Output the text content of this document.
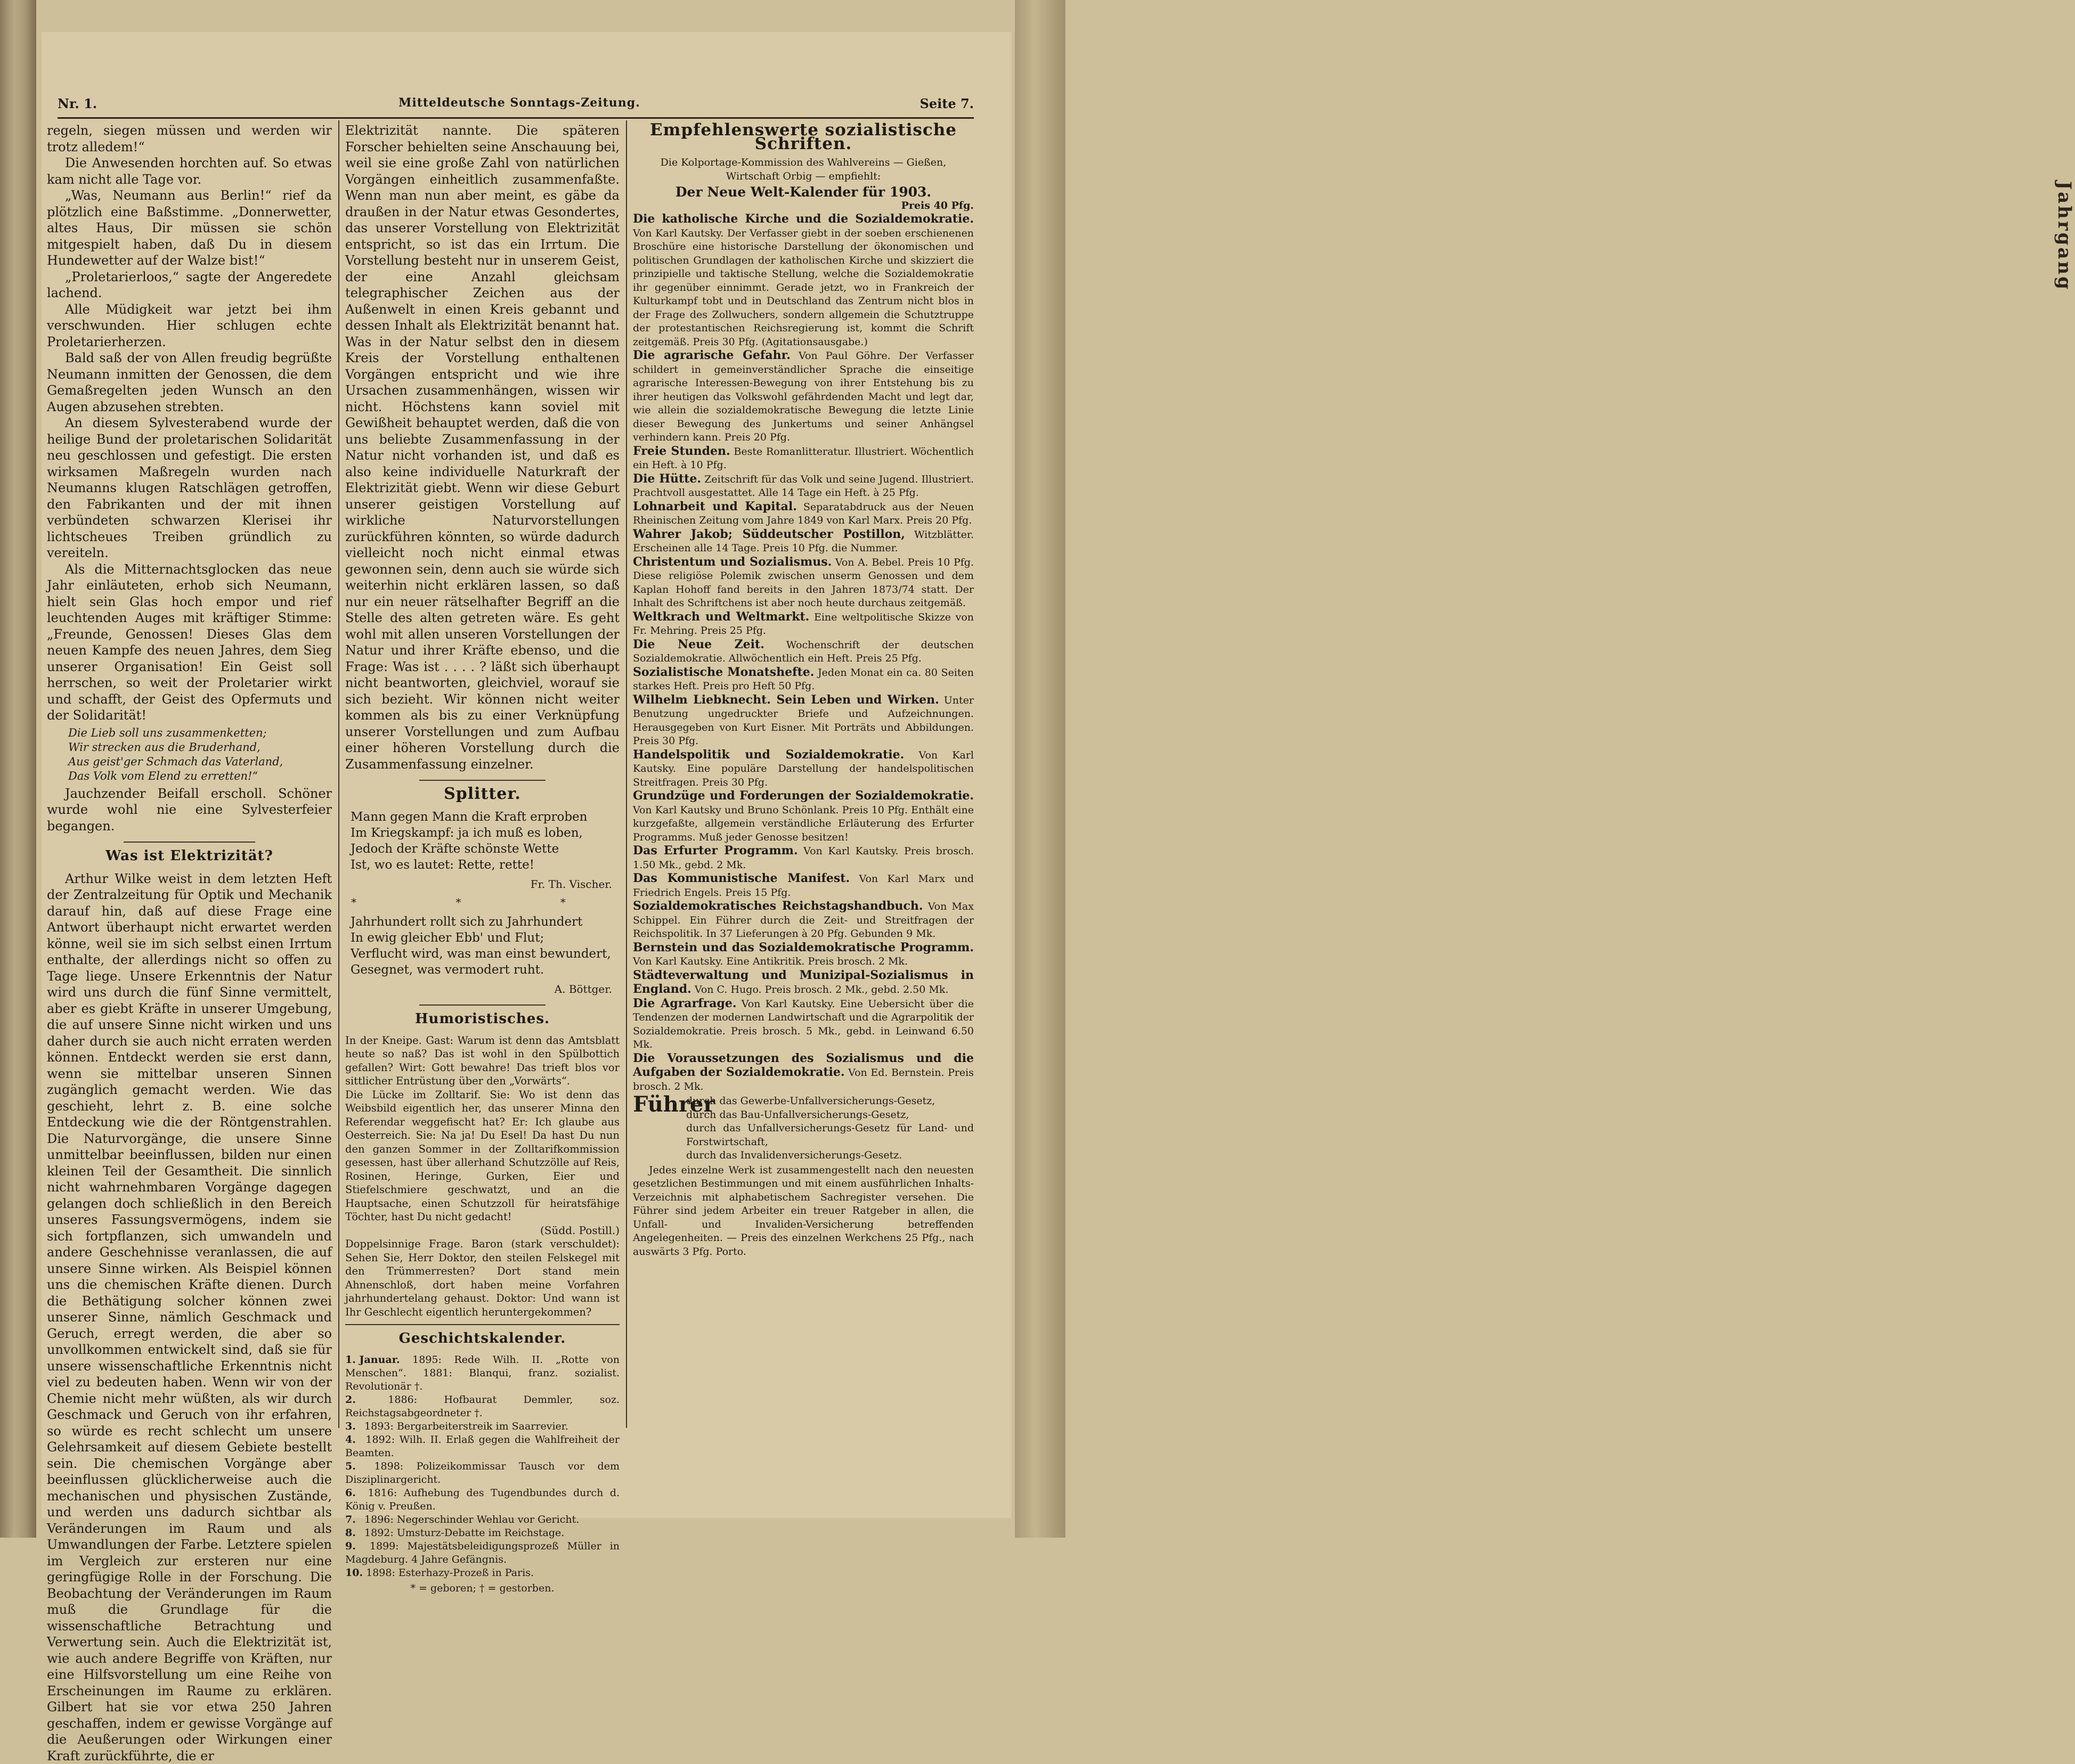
Jahrgang
Nr. 1.	Mitteldeutsche Sonntags-Zeitung.	Seite 7.

regeln, siegen müssen und werden wir trotz alledem!“

Die Anwesenden horchten auf. So etwas kam nicht alle Tage vor.

„Was, Neumann aus Berlin!“ rief da plötzlich eine Baßstimme. „Donnerwetter, altes Haus, Dir müssen sie schön mitgespielt haben, daß Du in diesem Hundewetter auf der Walze bist!“

„Proletarierloos,“ sagte der Angeredete lachend.

Alle Müdigkeit war jetzt bei ihm verschwunden. Hier schlugen echte Proletarierherzen.

Bald saß der von Allen freudig begrüßte Neumann inmitten der Genossen, die dem Gemaßregelten jeden Wunsch an den Augen abzusehen strebten.

An diesem Sylvesterabend wurde der heilige Bund der proletarischen Solidarität neu geschlossen und gefestigt. Die ersten wirksamen Maßregeln wurden nach Neumanns klugen Ratschlägen getroffen, den Fabrikanten und der mit ihnen verbündeten schwarzen Klerisei ihr lichtscheues Treiben gründlich zu vereiteln.

Als die Mitternachtsglocken das neue Jahr einläuteten, erhob sich Neumann, hielt sein Glas hoch empor und rief leuchtenden Auges mit kräftiger Stimme: „Freunde, Genossen! Dieses Glas dem neuen Kampfe des neuen Jahres, dem Sieg unserer Organisation! Ein Geist soll herrschen, so weit der Proletarier wirkt und schafft, der Geist des Opfermuts und der Solidarität!

Die Lieb soll uns zusammenketten;
Wir strecken aus die Bruderhand,
Aus geist'ger Schmach das Vaterland,
Das Volk vom Elend zu erretten!“

Jauchzender Beifall erscholl. Schöner wurde wohl nie eine Sylvesterfeier begangen.

Was ist Elektrizität?

Arthur Wilke weist in dem letzten Heft der Zentralzeitung für Optik und Mechanik darauf hin, daß auf diese Frage eine Antwort überhaupt nicht erwartet werden könne, weil sie im sich selbst einen Irrtum enthalte, der allerdings nicht so offen zu Tage liege. Unsere Erkenntnis der Natur wird uns durch die fünf Sinne vermittelt, aber es giebt Kräfte in unserer Umgebung, die auf unsere Sinne nicht wirken und uns daher durch sie auch nicht erraten werden können. Entdeckt werden sie erst dann, wenn sie mittelbar unseren Sinnen zugänglich gemacht werden. Wie das geschieht, lehrt z. B. eine solche Entdeckung wie die der Röntgenstrahlen. Die Naturvorgänge, die unsere Sinne unmittelbar beeinflussen, bilden nur einen kleinen Teil der Gesamtheit. Die sinnlich nicht wahrnehmbaren Vorgänge dagegen gelangen doch schließlich in den Bereich unseres Fassungsvermögens, indem sie sich fortpflanzen, sich umwandeln und andere Geschehnisse veranlassen, die auf unsere Sinne wirken. Als Beispiel können uns die chemischen Kräfte dienen. Durch die Bethätigung solcher können zwei unserer Sinne, nämlich Geschmack und Geruch, erregt werden, die aber so unvollkommen entwickelt sind, daß sie für unsere wissenschaftliche Erkenntnis nicht viel zu bedeuten haben. Wenn wir von der Chemie nicht mehr wüßten, als wir durch Geschmack und Geruch von ihr erfahren, so würde es recht schlecht um unsere Gelehrsamkeit auf diesem Gebiete bestellt sein. Die chemischen Vorgänge aber beeinflussen glücklicherweise auch die mechanischen und physischen Zustände, und werden uns dadurch sichtbar als Veränderungen im Raum und als Umwandlungen der Farbe. Letztere spielen im Vergleich zur ersteren nur eine geringfügige Rolle in der Forschung. Die Beobachtung der Veränderungen im Raum muß die Grundlage für die wissenschaftliche Betrachtung und Verwertung sein. Auch die Elektrizität ist, wie auch andere Begriffe von Kräften, nur eine Hilfsvorstellung um eine Reihe von Erscheinungen im Raume zu erklären. Gilbert hat sie vor etwa 250 Jahren geschaffen, indem er gewisse Vorgänge auf die Aeußerungen oder Wirkungen einer Kraft zurückführte, die er

Elektrizität nannte. Die späteren Forscher behielten seine Anschauung bei, weil sie eine große Zahl von natürlichen Vorgängen einheitlich zusammenfaßte. Wenn man nun aber meint, es gäbe da draußen in der Natur etwas Gesondertes, das unserer Vorstellung von Elektrizität entspricht, so ist das ein Irrtum. Die Vorstellung besteht nur in unserem Geist, der eine Anzahl gleichsam telegraphischer Zeichen aus der Außenwelt in einen Kreis gebannt und dessen Inhalt als Elektrizität benannt hat. Was in der Natur selbst den in diesem Kreis der Vorstellung enthaltenen Vorgängen entspricht und wie ihre Ursachen zusammenhängen, wissen wir nicht. Höchstens kann soviel mit Gewißheit behauptet werden, daß die von uns beliebte Zusammenfassung in der Natur nicht vorhanden ist, und daß es also keine individuelle Naturkraft der Elektrizität giebt. Wenn wir diese Geburt unserer geistigen Vorstellung auf wirkliche Naturvorstellungen zurückführen könnten, so würde dadurch vielleicht noch nicht einmal etwas gewonnen sein, denn auch sie würde sich weiterhin nicht erklären lassen, so daß nur ein neuer rätselhafter Begriff an die Stelle des alten getreten wäre. Es geht wohl mit allen unseren Vorstellungen der Natur und ihrer Kräfte ebenso, und die Frage: Was ist . . . . ? läßt sich überhaupt nicht beantworten, gleichviel, worauf sie sich bezieht. Wir können nicht weiter kommen als bis zu einer Verknüpfung unserer Vorstellungen und zum Aufbau einer höheren Vorstellung durch die Zusammenfassung einzelner.

Splitter.
Mann gegen Mann die Kraft erproben
Im Kriegskampf: ja ich muß es loben,
Jedoch der Kräfte schönste Wette
Ist, wo es lautet: Rette, rette!
Fr. Th. Vischer.
* * *
Jahrhundert rollt sich zu Jahrhundert
In ewig gleicher Ebb' und Flut;
Verflucht wird, was man einst bewundert,
Gesegnet, was vermodert ruht.
A. Böttger.
Humoristisches.

In der Kneipe. Gast: Warum ist denn das Amtsblatt heute so naß? Das ist wohl in den Spülbottich gefallen? Wirt: Gott bewahre! Das trieft blos vor sittlicher Entrüstung über den „Vorwärts“.

Die Lücke im Zolltarif. Sie: Wo ist denn das Weibsbild eigentlich her, das unserer Minna den Referendar weggefischt hat? Er: Ich glaube aus Oesterreich. Sie: Na ja! Du Esel! Da hast Du nun den ganzen Sommer in der Zolltarifkommission gesessen, hast über allerhand Schutzzölle auf Reis, Rosinen, Heringe, Gurken, Eier und Stiefelschmiere geschwatzt, und an die Hauptsache, einen Schutzzoll für heiratsfähige Töchter, hast Du nicht gedacht!

(Südd. Postill.)

Doppelsinnige Frage. Baron (stark verschuldet): Sehen Sie, Herr Doktor, den steilen Felskegel mit den Trümmerresten? Dort stand mein Ahnenschloß, dort haben meine Vorfahren jahrhundertelang gehaust. Doktor: Und wann ist Ihr Geschlecht eigentlich heruntergekommen?

Geschichtskalender.
1. Januar. 1895: Rede Wilh. II. „Rotte von Menschen“. 1881: Blanqui, franz. sozialist. Revolutionär †.
2.	1886: Hofbaurat Demmler, soz. Reichstagsabgeordneter †.
3. 1893: Bergarbeiterstreik im Saarrevier.
4. 1892: Wilh. II. Erlaß gegen die Wahlfreiheit der Beamten.
5. 1898: Polizeikommissar Tausch vor dem Disziplinargericht.
6. 1816: Aufhebung des Tugendbundes durch d. König v. Preußen.
7. 1896: Negerschinder Wehlau vor Gericht.
8. 1892: Umsturz-Debatte im Reichstage.
9. 1899: Majestätsbeleidigungsprozeß Müller in Magdeburg. 4 Jahre Gefängnis.
10. 1898: Esterhazy-Prozeß in Paris.
* = geboren; † = gestorben.
Empfehlenswerte sozialistische Schriften.

Die Kolportage-Kommission des Wahlvereins — Gießen, Wirtschaft Orbig — empfiehlt:

Der Neue Welt-Kalender für 1903.
Preis 40 Pfg.

Die katholische Kirche und die Sozialdemokratie. Von Karl Kautsky. Der Verfasser giebt in der soeben erschienenen Broschüre eine historische Darstellung der ökonomischen und politischen Grundlagen der katholischen Kirche und skizziert die prinzipielle und taktische Stellung, welche die Sozialdemokratie ihr gegenüber einnimmt. Gerade jetzt, wo in Frankreich der Kulturkampf tobt und in Deutschland das Zentrum nicht blos in der Frage des Zollwuchers, sondern allgemein die Schutztruppe der protestantischen Reichsregierung ist, kommt die Schrift zeitgemäß. Preis 30 Pfg. (Agitationsausgabe.)

Die agrarische Gefahr. Von Paul Göhre. Der Verfasser schildert in gemeinverständlicher Sprache die einseitige agrarische Interessen-Bewegung von ihrer Entstehung bis zu ihrer heutigen das Volkswohl gefährdenden Macht und legt dar, wie allein die sozialdemokratische Bewegung die letzte Linie dieser Bewegung des Junkertums und seiner Anhängsel verhindern kann. Preis 20 Pfg.

Freie Stunden. Beste Romanlitteratur. Illustriert. Wöchentlich ein Heft. à 10 Pfg.

Die Hütte. Zeitschrift für das Volk und seine Jugend. Illustriert. Prachtvoll ausgestattet. Alle 14 Tage ein Heft. à 25 Pfg.

Lohnarbeit und Kapital. Separatabdruck aus der Neuen Rheinischen Zeitung vom Jahre 1849 von Karl Marx. Preis 20 Pfg.

Wahrer Jakob; Süddeutscher Postillon, Witzblätter. Erscheinen alle 14 Tage. Preis 10 Pfg. die Nummer.

Christentum und Sozialismus. Von A. Bebel. Preis 10 Pfg. Diese religiöse Polemik zwischen unserm Genossen und dem Kaplan Hohoff fand bereits in den Jahren 1873/74 statt. Der Inhalt des Schriftchens ist aber noch heute durchaus zeitgemäß.

Weltkrach und Weltmarkt. Eine weltpolitische Skizze von Fr. Mehring. Preis 25 Pfg.

Die Neue Zeit. Wochenschrift der deutschen Sozialdemokratie. Allwöchentlich ein Heft. Preis 25 Pfg.

Sozialistische Monatshefte. Jeden Monat ein ca. 80 Seiten starkes Heft. Preis pro Heft 50 Pfg.

Wilhelm Liebknecht. Sein Leben und Wirken. Unter Benutzung ungedruckter Briefe und Aufzeichnungen. Herausgegeben von Kurt Eisner. Mit Porträts und Abbildungen. Preis 30 Pfg.

Handelspolitik und Sozialdemokratie. Von Karl Kautsky. Eine populäre Darstellung der handelspolitischen Streitfragen. Preis 30 Pfg.

Grundzüge und Forderungen der Sozialdemokratie. Von Karl Kautsky und Bruno Schönlank. Preis 10 Pfg. Enthält eine kurzgefaßte, allgemein verständliche Erläuterung des Erfurter Programms. Muß jeder Genosse besitzen!

Das Erfurter Programm. Von Karl Kautsky. Preis brosch. 1.50 Mk., gebd. 2 Mk.

Das Kommunistische Manifest. Von Karl Marx und Friedrich Engels. Preis 15 Pfg.

Sozialdemokratisches Reichstagshandbuch. Von Max Schippel. Ein Führer durch die Zeit- und Streitfragen der Reichspolitik. In 37 Lieferungen à 20 Pfg. Gebunden 9 Mk.

Bernstein und das Sozialdemokratische Programm. Von Karl Kautsky. Eine Antikritik. Preis brosch. 2 Mk.

Städteverwaltung und Munizipal-Sozialismus in England. Von C. Hugo. Preis brosch. 2 Mk., gebd. 2.50 Mk.

Die Agrarfrage. Von Karl Kautsky. Eine Uebersicht über die Tendenzen der modernen Landwirtschaft und die Agrarpolitik der Sozialdemokratie. Preis brosch. 5 Mk., gebd. in Leinwand 6.50 Mk.

Die Voraussetzungen des Sozialismus und die Aufgaben der Sozialdemokratie. Von Ed. Bernstein. Preis brosch. 2 Mk.

Führer
durch das Gewerbe-Unfallversicherungs-Gesetz,
durch das Bau-Unfallversicherungs-Gesetz,
durch das Unfallversicherungs-Gesetz für Land- und Forstwirtschaft,
durch das Invalidenversicherungs-Gesetz.

Jedes einzelne Werk ist zusammengestellt nach den neuesten gesetzlichen Bestimmungen und mit einem ausführlichen Inhalts-Verzeichnis mit alphabetischem Sachregister versehen. Die Führer sind jedem Arbeiter ein treuer Ratgeber in allen, die Unfall- und Invaliden-Versicherung betreffenden Angelegenheiten. — Preis des einzelnen Werkchens 25 Pfg., nach auswärts 3 Pfg. Porto.
